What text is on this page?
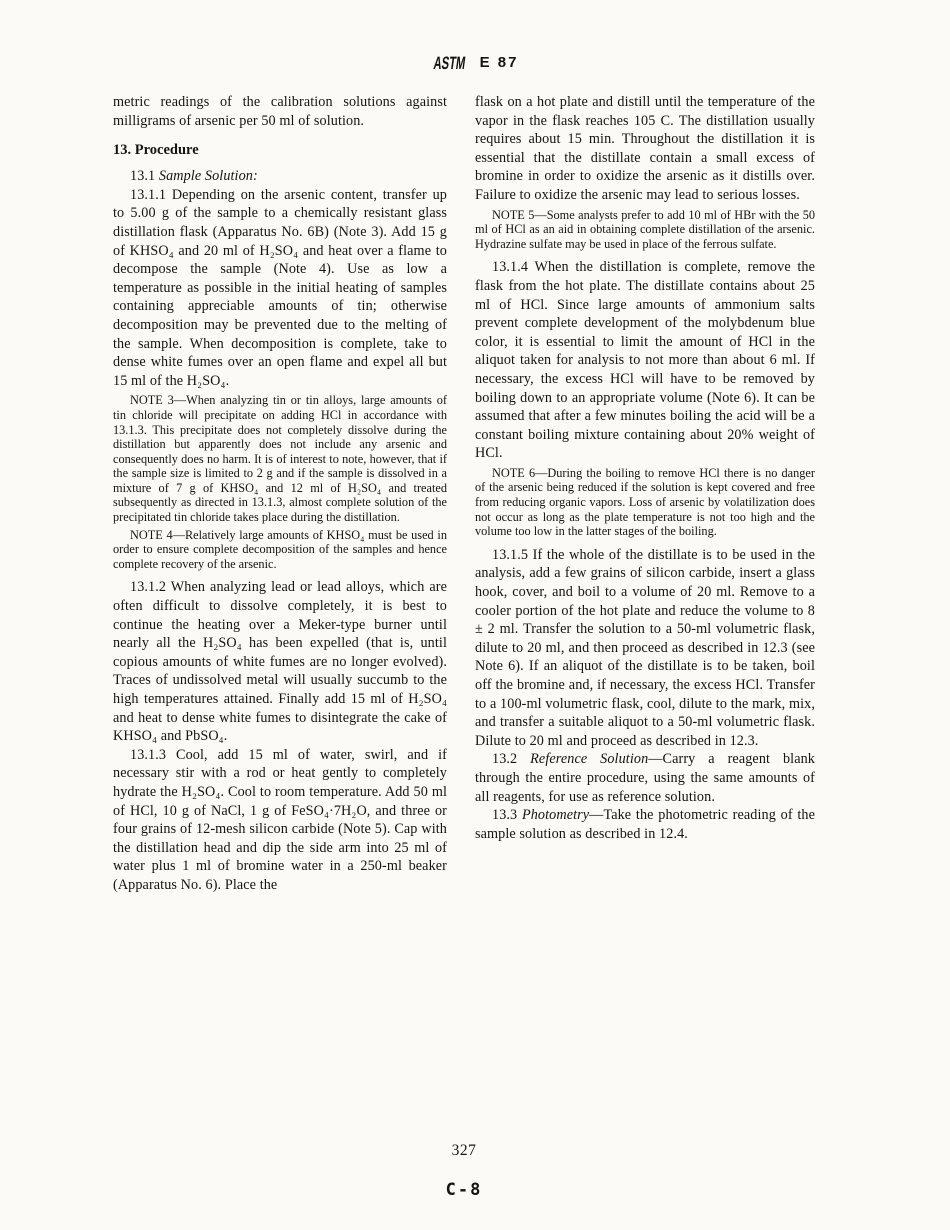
ASTM E 87

metric readings of the calibration solutions against milligrams of arsenic per 50 ml of solution.

13. Procedure

13.1 Sample Solution:

13.1.1 Depending on the arsenic content, transfer up to 5.00 g of the sample to a chemically resistant glass distillation flask (Apparatus No. 6B) (Note 3). Add 15 g of KHSO₄ and 20 ml of H₂SO₄ and heat over a flame to decompose the sample (Note 4). Use as low a temperature as possible in the initial heating of samples containing appreciable amounts of tin; otherwise decomposition may be prevented due to the melting of the sample. When decomposition is complete, take to dense white fumes over an open flame and expel all but 15 ml of the H₂SO₄.

NOTE 3—When analyzing tin or tin alloys, large amounts of tin chloride will precipitate on adding HCl in accordance with 13.1.3. This precipitate does not completely dissolve during the distillation but apparently does not include any arsenic and consequently does no harm. It is of interest to note, however, that if the sample size is limited to 2 g and if the sample is dissolved in a mixture of 7 g of KHSO₄ and 12 ml of H₂SO₄ and treated subsequently as directed in 13.1.3, almost complete solution of the precipitated tin chloride takes place during the distillation.

NOTE 4—Relatively large amounts of KHSO₄ must be used in order to ensure complete decomposition of the samples and hence complete recovery of the arsenic.

13.1.2 When analyzing lead or lead alloys, which are often difficult to dissolve completely, it is best to continue the heating over a Meker-type burner until nearly all the H₂SO₄ has been expelled (that is, until copious amounts of white fumes are no longer evolved). Traces of undissolved metal will usually succumb to the high temperatures attained. Finally add 15 ml of H₂SO₄ and heat to dense white fumes to disintegrate the cake of KHSO₄ and PbSO₄.

13.1.3 Cool, add 15 ml of water, swirl, and if necessary stir with a rod or heat gently to completely hydrate the H₂SO₄. Cool to room temperature. Add 50 ml of HCl, 10 g of NaCl, 1 g of FeSO₄·7H₂O, and three or four grains of 12-mesh silicon carbide (Note 5). Cap with the distillation head and dip the side arm into 25 ml of water plus 1 ml of bromine water in a 250-ml beaker (Apparatus No. 6). Place the

flask on a hot plate and distill until the temperature of the vapor in the flask reaches 105 C. The distillation usually requires about 15 min. Throughout the distillation it is essential that the distillate contain a small excess of bromine in order to oxidize the arsenic as it distills over. Failure to oxidize the arsenic may lead to serious losses.

NOTE 5—Some analysts prefer to add 10 ml of HBr with the 50 ml of HCl as an aid in obtaining complete distillation of the arsenic. Hydrazine sulfate may be used in place of the ferrous sulfate.

13.1.4 When the distillation is complete, remove the flask from the hot plate. The distillate contains about 25 ml of HCl. Since large amounts of ammonium salts prevent complete development of the molybdenum blue color, it is essential to limit the amount of HCl in the aliquot taken for analysis to not more than about 6 ml. If necessary, the excess HCl will have to be removed by boiling down to an appropriate volume (Note 6). It can be assumed that after a few minutes boiling the acid will be a constant boiling mixture containing about 20% weight of HCl.

NOTE 6—During the boiling to remove HCl there is no danger of the arsenic being reduced if the solution is kept covered and free from reducing organic vapors. Loss of arsenic by volatilization does not occur as long as the plate temperature is not too high and the volume too low in the latter stages of the boiling.

13.1.5 If the whole of the distillate is to be used in the analysis, add a few grains of silicon carbide, insert a glass hook, cover, and boil to a volume of 20 ml. Remove to a cooler portion of the hot plate and reduce the volume to 8 ± 2 ml. Transfer the solution to a 50-ml volumetric flask, dilute to 20 ml, and then proceed as described in 12.3 (see Note 6). If an aliquot of the distillate is to be taken, boil off the bromine and, if necessary, the excess HCl. Transfer to a 100-ml volumetric flask, cool, dilute to the mark, mix, and transfer a suitable aliquot to a 50-ml volumetric flask. Dilute to 20 ml and proceed as described in 12.3.

13.2 Reference Solution—Carry a reagent blank through the entire procedure, using the same amounts of all reagents, for use as reference solution.

13.3 Photometry—Take the photometric reading of the sample solution as described in 12.4.

327
C-8
